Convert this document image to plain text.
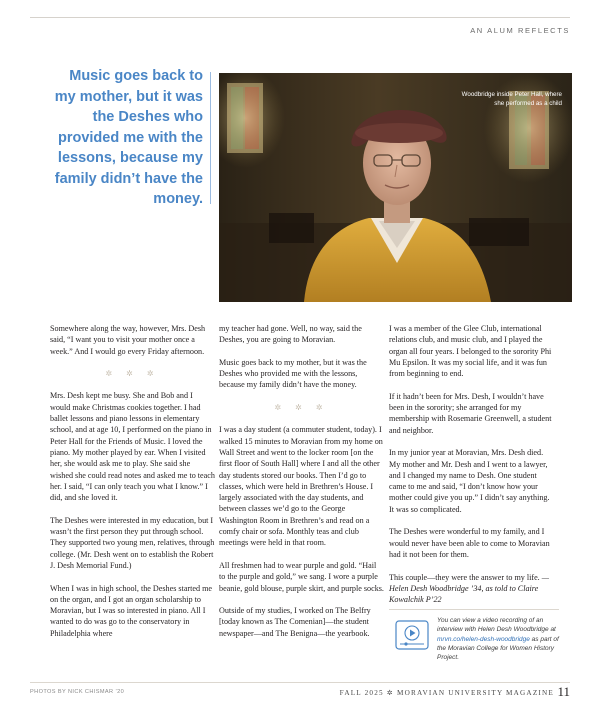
AN ALUM REFLECTS
Music goes back to my mother, but it was the Deshes who provided me with the lessons, because my family didn’t have the money.
Woodbridge inside Peter Hall, where she performed as a child

Somewhere along the way, however, Mrs. Desh said, “I want you to visit your mother once a week.” And I would go every Friday afternoon.

✲ ✲ ✲

Mrs. Desh kept me busy. She and Bob and I would make Christmas cookies together. I had ballet lessons and piano lessons in elementary school, and at age 10, I performed on the piano in Peter Hall for the Friends of Music. I loved the piano. My mother played by ear. When I visited her, she would ask me to play. She said she wished she could read notes and asked me to teach her. I said, “I can only teach you what I know.” I did, and she loved it.

The Deshes were interested in my education, but I wasn’t the first person they put through school. They supported two young men, relatives, through college. (Mr. Desh went on to establish the Robert J. Desh Memorial Fund.)

When I was in high school, the Deshes started me on the organ, and I got an organ scholarship to Moravian, but I was so interested in piano. All I wanted to do was go to the conservatory in Philadelphia where

my teacher had gone. Well, no way, said the Deshes, you are going to Moravian.

Music goes back to my mother, but it was the Deshes who provided me with the lessons, because my family didn’t have the money.

✲ ✲ ✲

I was a day student (a commuter student, today). I walked 15 minutes to Moravian from my home on Wall Street and went to the locker room [on the first floor of South Hall] where I and all the other day students stored our books. Then I’d go to classes, which were held in Brethren’s House. I largely associated with the day students, and between classes we’d go to the George Washington Room in Brethren’s and read on a comfy chair or sofa. Monthly teas and club meetings were held in that room.

All freshmen had to wear purple and gold. “Hail to the purple and gold,” we sang. I wore a purple beanie, gold blouse, purple skirt, and purple socks.

Outside of my studies, I worked on The Belfry [today known as The Comenian]—the student newspaper—and The Benigna—the yearbook.

I was a member of the Glee Club, international relations club, and music club, and I played the organ all four years. I belonged to the sorority Phi Mu Epsilon. It was my social life, and it was fun from beginning to end.

If it hadn’t been for Mrs. Desh, I wouldn’t have been in the sorority; she arranged for my membership with Rosemarie Greenwell, a student and neighbor.

In my junior year at Moravian, Mrs. Desh died. My mother and Mr. Desh and I went to a lawyer, and I changed my name to Desh. One student came to me and said, “I don’t know how your mother could give you up.” I didn’t say anything. It was so complicated.

The Deshes were wonderful to my family, and I would never have been able to come to Moravian had it not been for them.

This couple—they were the answer to my life. —Helen Desh Woodbridge ’34, as told to Claire Kowalchik P’22

You can view a video recording of an interview with Helen Desh Woodbridge at mrvn.co/helen-desh-woodbridge as part of the Moravian College for Women History Project.
PHOTOS BY NICK CHISMAR ’20	FALL 2025 ✲ MORAVIAN UNIVERSITY MAGAZINE 11
